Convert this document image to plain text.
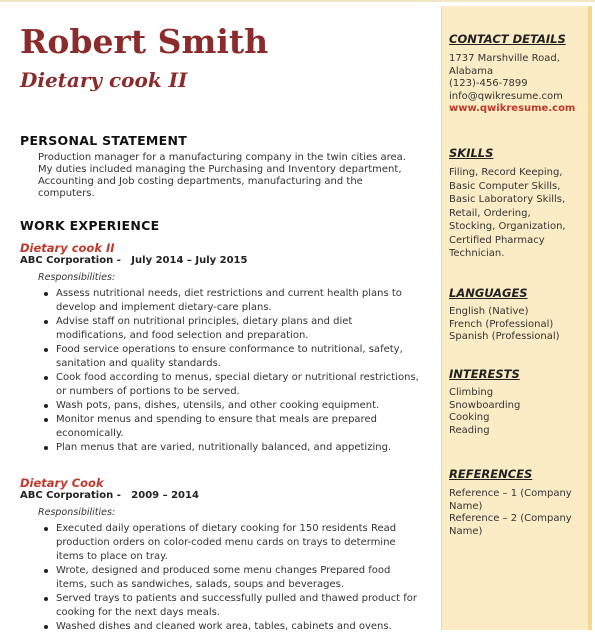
Robert Smith
Dietary cook II
PERSONAL STATEMENT
Production manager for a manufacturing company in the twin cities area. My duties included managing the Purchasing and Inventory department, Accounting and Job costing departments, manufacturing and the computers.
WORK EXPERIENCE
Dietary cook II
ABC Corporation -   July 2014 – July 2015
Responsibilities:
Assess nutritional needs, diet restrictions and current health plans to develop and implement dietary-care plans.
Advise staff on nutritional principles, dietary plans and diet modifications, and food selection and preparation.
Food service operations to ensure conformance to nutritional, safety, sanitation and quality standards.
Cook food according to menus, special dietary or nutritional restrictions, or numbers of portions to be served.
Wash pots, pans, dishes, utensils, and other cooking equipment.
Monitor menus and spending to ensure that meals are prepared economically.
Plan menus that are varied, nutritionally balanced, and appetizing.
Dietary Cook
ABC Corporation -   2009 – 2014
Responsibilities:
Executed daily operations of dietary cooking for 150 residents Read production orders on color-coded menu cards on trays to determine items to place on tray.
Wrote, designed and produced some menu changes Prepared food items, such as sandwiches, salads, soups and beverages.
Served trays to patients and successfully pulled and thawed product for cooking for the next days meals.
Washed dishes and cleaned work area, tables, cabinets and ovens.
CONTACT DETAILS
1737 Marshville Road,
Alabama
(123)-456-7899
info@qwikresume.com
www.qwikresume.com
SKILLS
Filing, Record Keeping, Basic Computer Skills, Basic Laboratory Skills, Retail, Ordering, Stocking, Organization, Certified Pharmacy Technician.
LANGUAGES
English (Native)
French (Professional)
Spanish (Professional)
INTERESTS
Climbing
Snowboarding
Cooking
Reading
REFERENCES
Reference – 1 (Company Name)
Reference – 2 (Company Name)
